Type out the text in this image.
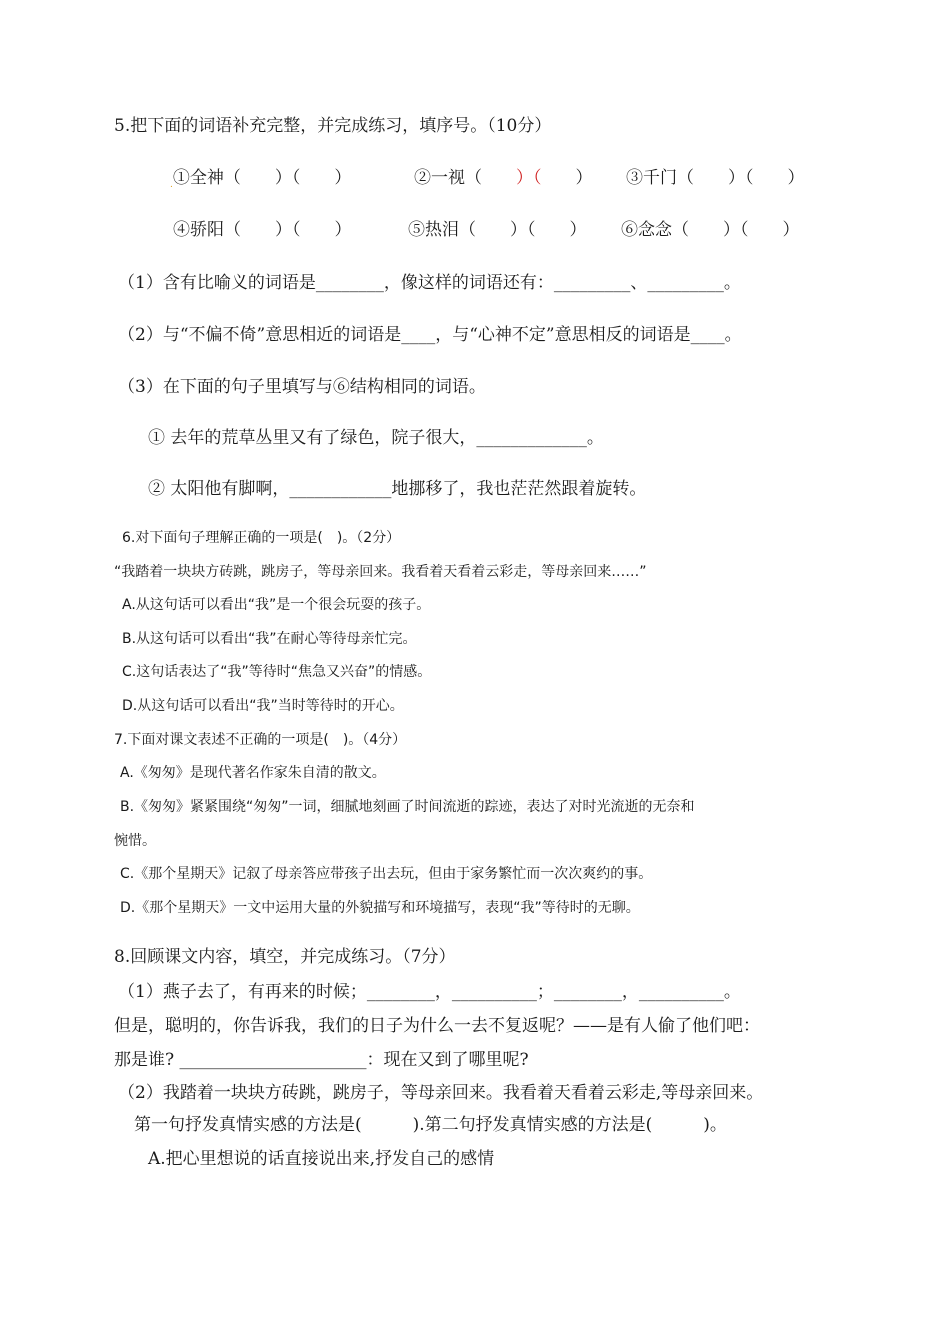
5.把下面的词语补充完整，并完成练习，填序号。（10分）
$_.$①全神（　　）（　　）	②一视（　　）（　　） ③千门（　　）（　　）
④骄阳（　　）（　　）	⑤热泪（　　）（　　） ⑥念念（　　）（　　）
（1）含有比喻义的词语是________，像这样的词语还有：_________、_________。
（2）与“不偏不倚”意思相近的词语是____，与“心神不定”意思相反的词语是____。
（3）在下面的句子里填写与⑥结构相同的词语。
① 去年的荒草丛里又有了绿色，院子很大，_____________。
② 太阳他有脚啊，____________地挪移了，我也茫茫然跟着旋转。
6.对下面句子理解正确的一项是(　)。（2分）
“我踏着一块块方砖跳，跳房子，等母亲回来。我看着天看着云彩走，等母亲回来……”
A.从这句话可以看出“我”是一个很会玩耍的孩子。
B.从这句话可以看出“我”在耐心等待母亲忙完。
C.这句话表达了“我”等待时“焦急又兴奋”的情感。
D.从这句话可以看出“我”当时等待时的开心。
7.下面对课文表述不正确的一项是(　)。（4分）
A.《匆匆》是现代著名作家朱自清的散文。
B.《匆匆》紧紧围绕“匆匆”一词，细腻地刻画了时间流逝的踪迹，表达了对时光流逝的无奈和
惋惜。
C.《那个星期天》记叙了母亲答应带孩子出去玩，但由于家务繁忙而一次次爽约的事。
D.《那个星期天》一文中运用大量的外貌描写和环境描写，表现“我”等待时的无聊。
8.回顾课文内容，填空，并完成练习。（7分）
（1）燕子去了，有再来的时候；________，__________；________，__________。
但是，聪明的，你告诉我，我们的日子为什么一去不复返呢？——是有人偷了他们吧：
那是谁? ______________________：现在又到了哪里呢?
（2）我踏着一块块方砖跳，跳房子，等母亲回来。我看着天看着云彩走,等母亲回来。
第一句抒发真情实感的方法是(　　　).第二句抒发真情实感的方法是(　　　)。
A.把心里想说的话直接说出来,抒发自己的感情
